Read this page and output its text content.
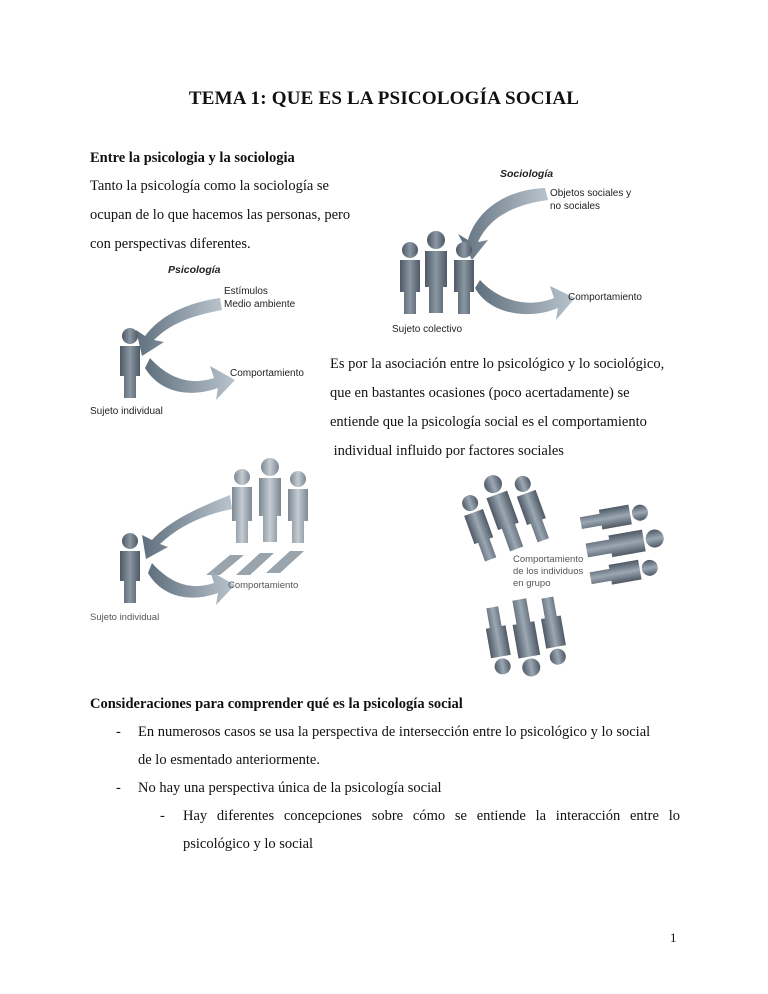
TEMA 1: QUE ES LA PSICOLOGÍA SOCIAL
Entre la psicologia y la sociologia
Tanto la psicología como la sociología se
ocupan de lo que hacemos las personas, pero
con perspectivas diferentes.
Es por la asociación entre lo psicológico y lo sociológico,
que en bastantes ocasiones (poco acertadamente) se
entiende que la psicología social es el comportamiento
individual influido por factores sociales
Sociología
Objetos sociales y
no sociales
Comportamiento
Sujeto colectivo
Psicología
Estímulos
Medio ambiente
Comportamiento
Sujeto individual
Comportamiento
Sujeto individual
Comportamiento
de los individuos
en grupo
Consideraciones para comprender qué es la psicología social
- En numerosos casos se usa la perspectiva de intersección entre lo psicológico y lo social
de lo esmentado anteriormente.
- No hay una perspectiva única de la psicología social
- Hay diferentes concepciones sobre cómo se entiende la interacción entre lo
psicológico y lo social
1
